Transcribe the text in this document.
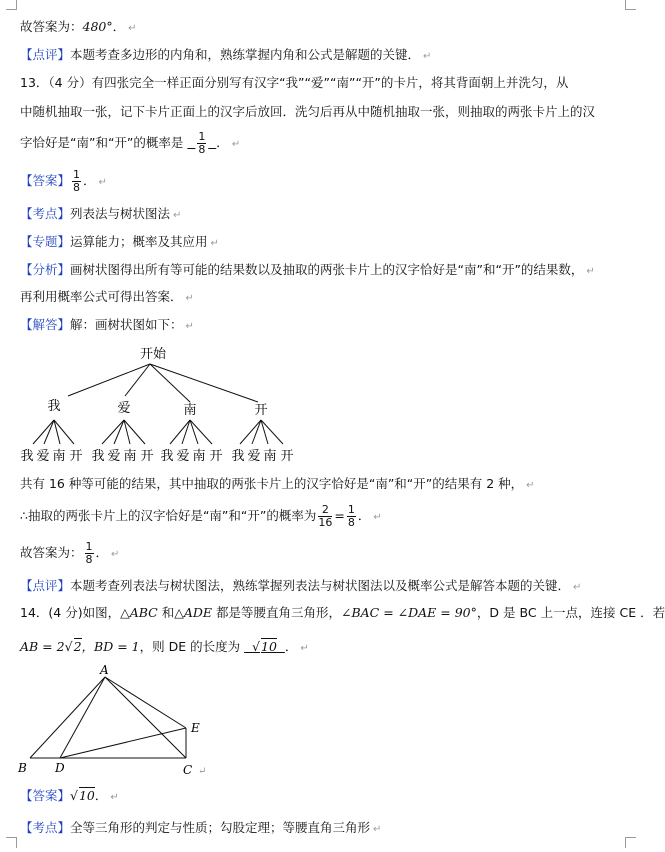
故答案为：480°． ↵
【点评】本题考查多边形的内角和，熟练掌握内角和公式是解题的关键． ↵
13．（4 分）有四张完全一样正面分别写有汉字“我”“爱”“南”“开”的卡片，将其背面朝上并洗匀，从
中随机抽取一张，记下卡片正面上的汉字后放回．洗匀后再从中随机抽取一张，则抽取的两张卡片上的汉
字恰好是“南”和“开”的概率是 $\frac{1}{8}$ ． ↵
【答案】 $\frac{1}{8}$ ． ↵
【考点】列表法与树状图法 ↵
【专题】运算能力；概率及其应用 ↵
【分析】画树状图得出所有等可能的结果数以及抽取的两张卡片上的汉字恰好是“南”和“开”的结果数， ↵
再利用概率公式可得出答案． ↵
【解答】解：画树状图如下： ↵
开始
我	爱	南	开
我 爱 南 开 我 爱 南 开 我 爱 南 开 我 爱 南 开
共有 16 种等可能的结果，其中抽取的两张卡片上的汉字恰好是“南”和“开”的结果有 2 种， ↵
∴抽取的两张卡片上的汉字恰好是“南”和“开”的概率为 $\frac{2}{16} = \frac{1}{8}$ ． ↵
故答案为： $\frac{1}{8}$ ． ↵
【点评】本题考查列表法与树状图法，熟练掌握列表法与树状图法以及概率公式是解答本题的关键． ↵
14．(4 分)如图，△ABC 和△ADE 都是等腰直角三角形，∠BAC = ∠DAE = 90°，D 是 BC 上一点，连接 CE ．若
AB = 2√2，BD = 1，则 DE 的长度为 √10 ． ↵
A
B D	C
E
↵
【答案】√10． ↵
【考点】全等三角形的判定与性质；勾股定理；等腰直角三角形 ↵
